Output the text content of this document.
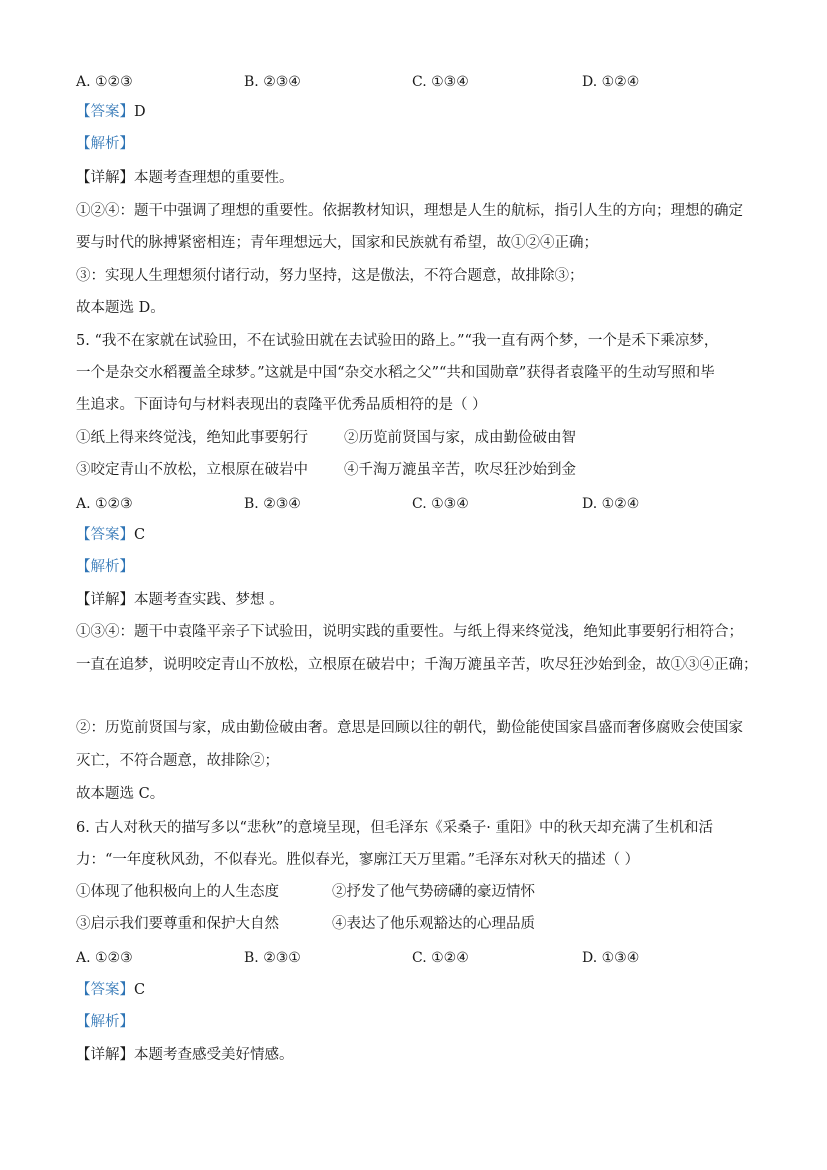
A. ①②③	B. ②③④	C. ①③④	D. ①②④

【答案】D

【解析】

【详解】本题考查理想的重要性。

①②④：题干中强调了理想的重要性。依据教材知识，理想是人生的航标，指引人生的方向；理想的确定

要与时代的脉搏紧密相连；青年理想远大，国家和民族就有希望，故①②④正确；

③：实现人生理想须付诸行动，努力坚持，这是傲法，不符合题意，故排除③；

故本题选 D。

5. “我不在家就在试验田，不在试验田就在去试验田的路上。”“我一直有两个梦，一个是禾下乘凉梦，

一个是杂交水稻覆盖全球梦。”这就是中国“杂交水稻之父”“共和国勋章”获得者袁隆平的生动写照和毕

生追求。下面诗句与材料表现出的袁隆平优秀品质相符的是（ ）

①纸上得来终觉浅，绝知此事要躬行 ②历览前贤国与家，成由勤俭破由智

③咬定青山不放松，立根原在破岩中 ④千淘万漉虽辛苦，吹尽狂沙始到金

A. ①②③	B. ②③④	C. ①③④	D. ①②④

【答案】C

【解析】

【详解】本题考查实践、梦想 。

①③④：题干中袁隆平亲子下试验田，说明实践的重要性。与纸上得来终觉浅，绝知此事要躬行相符合；

一直在追梦，说明咬定青山不放松，立根原在破岩中；千淘万漉虽辛苦，吹尽狂沙始到金，故①③④正确；

②：历览前贤国与家，成由勤俭破由奢。意思是回顾以往的朝代，勤俭能使国家昌盛而奢侈腐败会使国家

灭亡，不符合题意，故排除②；

故本题选 C。

6. 古人对秋天的描写多以“悲秋”的意境呈现，但毛泽东《采桑子· 重阳》中的秋天却充满了生机和活

力：“一年度秋风劲，不似春光。胜似春光，寥廓江天万里霜。”毛泽东对秋天的描述（ ）

①体现了他积极向上的人生态度	②抒发了他气势磅礴的豪迈情怀

③启示我们要尊重和保护大自然	④表达了他乐观豁达的心理品质

A. ①②③	B. ②③①	C. ①②④	D. ①③④

【答案】C

【解析】

【详解】本题考查感受美好情感。
